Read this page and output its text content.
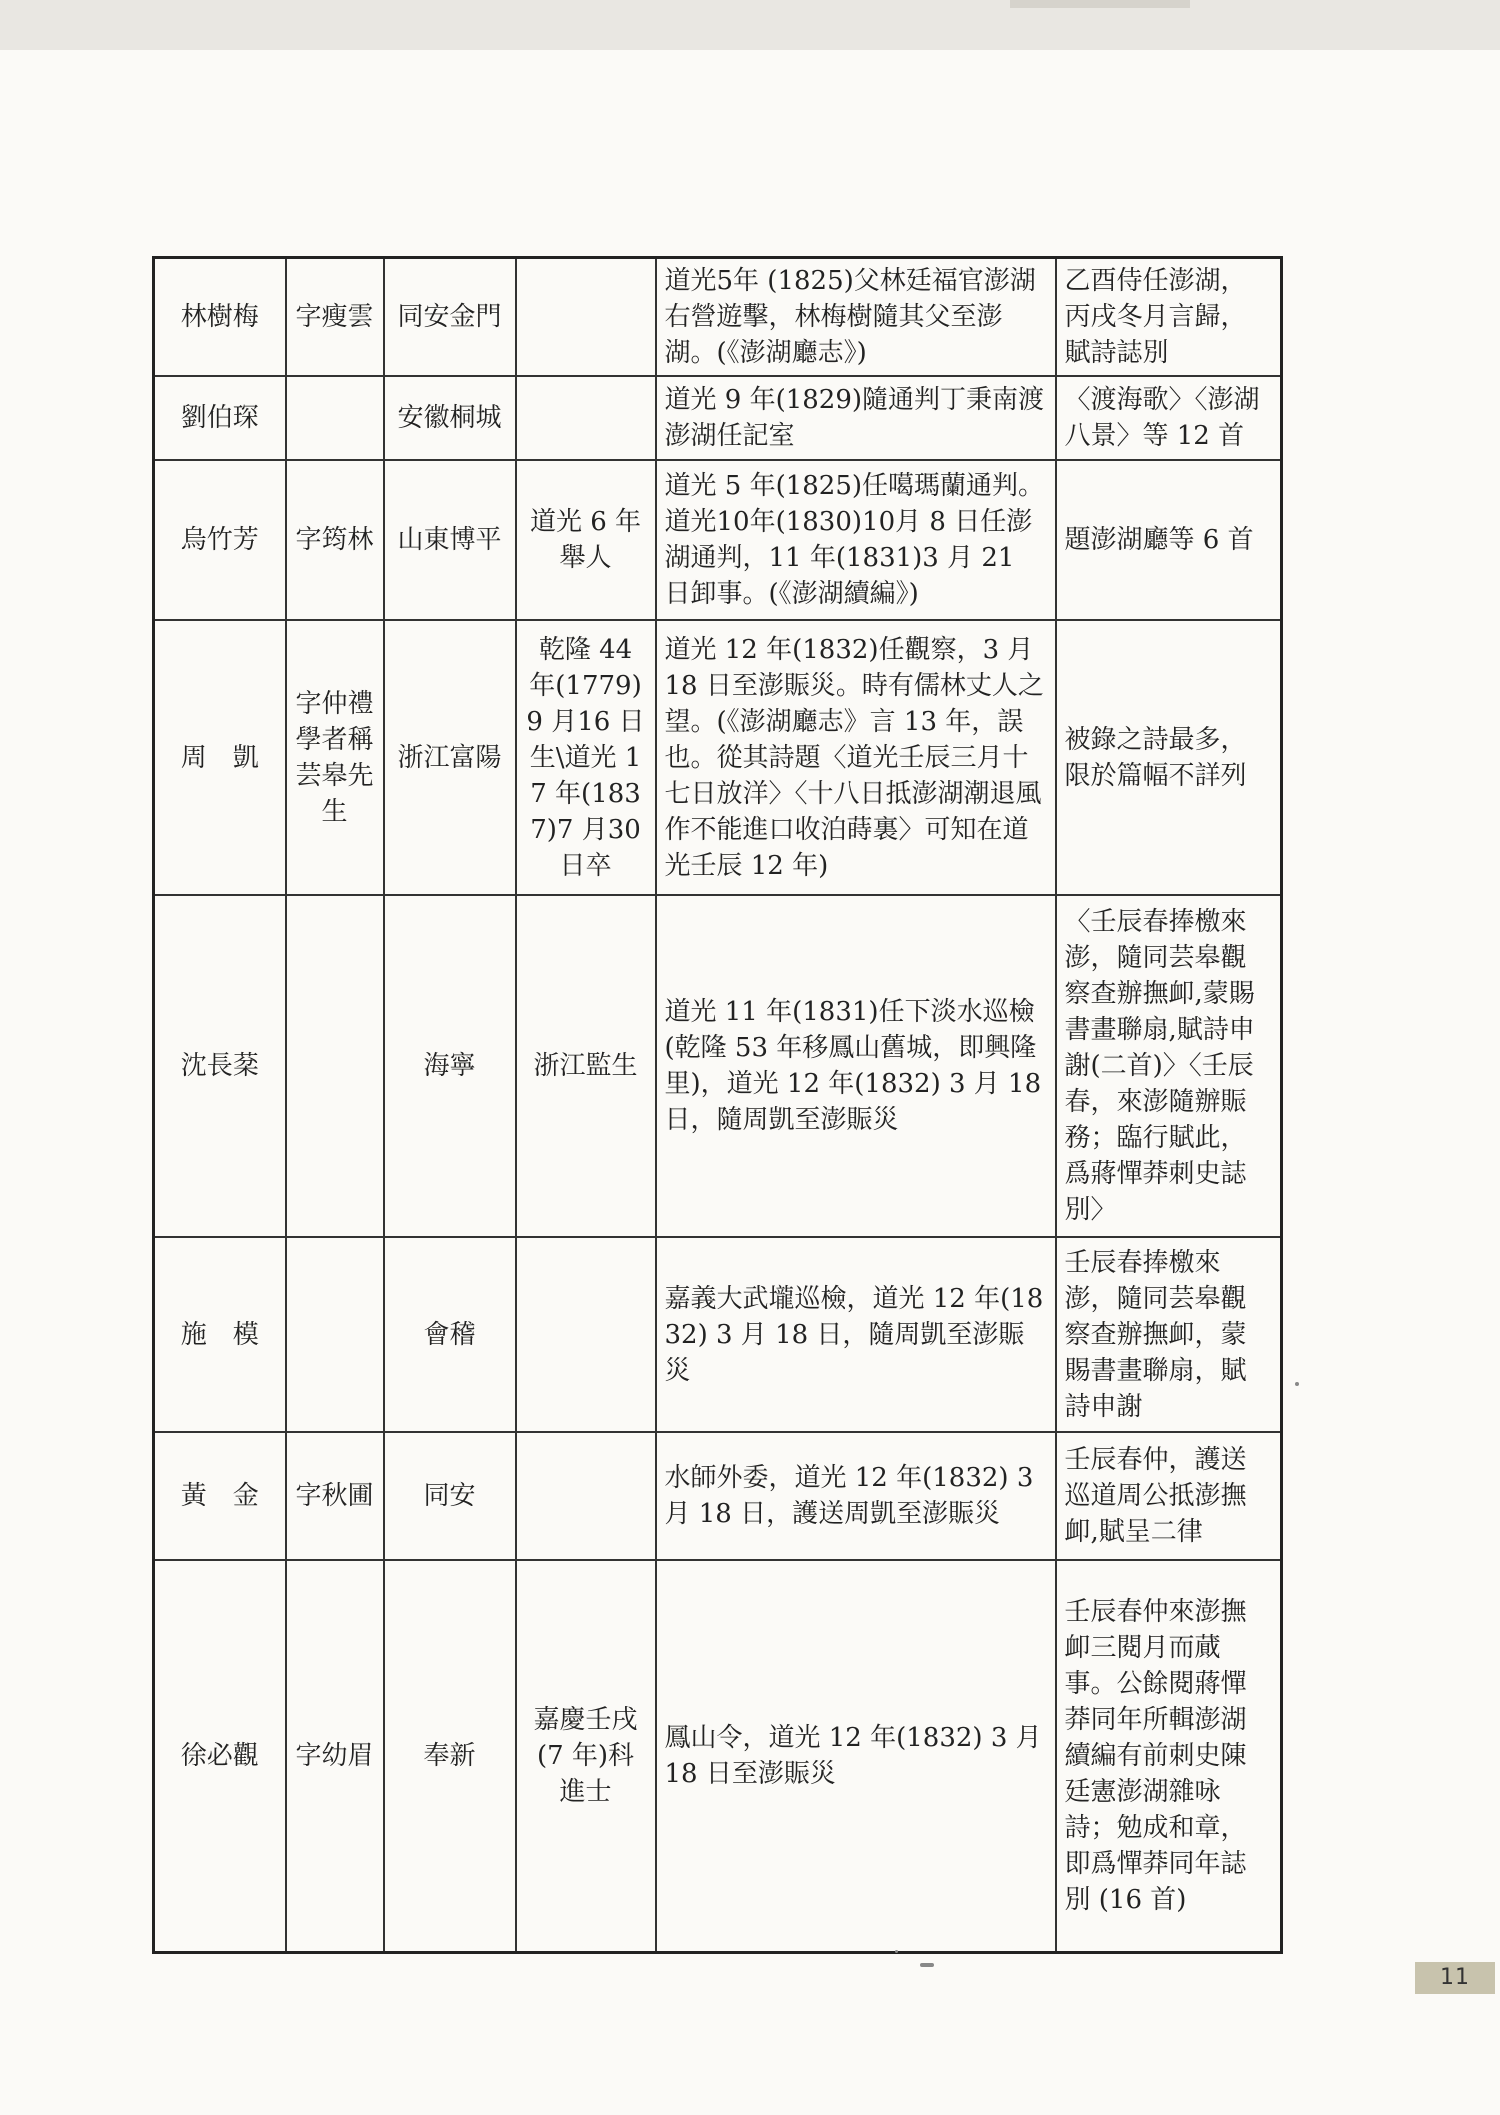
林樹梅	字瘦雲	同安金門		道光5年 (1825)父林廷福官澎湖右營遊擊，林梅樹隨其父至澎湖。(《澎湖廳志》)	乙酉侍任澎湖，丙戌冬月言歸，賦詩誌別
劉伯琛		安徽桐城		道光 9 年(1829)隨通判丁秉南渡澎湖任記室	〈渡海歌〉〈澎湖八景〉等 12 首
烏竹芳	字筠林	山東博平	道光 6 年舉人	道光 5 年(1825)任噶瑪蘭通判。道光10年(1830)10月 8 日任澎湖通判，11 年(1831)3 月 21 日卸事。(《澎湖續編》)	題澎湖廳等 6 首
周　凱	字仲禮學者稱芸皋先生	浙江富陽	乾隆 44 年(1779)9 月16 日生\道光 17 年(1837)7 月30 日卒	道光 12 年(1832)任觀察，3 月 18 日至澎賑災。時有儒林丈人之望。(《澎湖廳志》言 13 年，誤也。從其詩題〈道光壬辰三月十七日放洋〉〈十八日抵澎湖潮退風作不能進口收泊蒔裏〉可知在道光壬辰 12 年)	被錄之詩最多，限於篇幅不詳列
沈長棻		海寧	浙江監生	道光 11 年(1831)任下淡水巡檢(乾隆 53 年移鳳山舊城，即興隆里)，道光 12 年(1832) 3 月 18 日，隨周凱至澎賑災	〈壬辰春捧檄來澎，隨同芸皋觀察查辦撫卹,蒙賜書畫聯扇,賦詩申謝(二首)〉〈壬辰春，來澎隨辦賑務；臨行賦此，爲蔣憚莽刺史誌別〉
施　模		會稽		嘉義大武壠巡檢，道光 12 年(1832) 3 月 18 日，隨周凱至澎賑災	壬辰春捧檄來澎，隨同芸皋觀察查辦撫卹，蒙賜書畫聯扇，賦詩申謝
黃　金	字秋圃	同安		水師外委，道光 12 年(1832) 3 月 18 日，護送周凱至澎賑災	壬辰春仲，護送巡道周公抵澎撫卹,賦呈二律
徐必觀	字幼眉	奉新	嘉慶壬戌(7 年)科進士	鳳山令，道光 12 年(1832) 3 月 18 日至澎賑災	壬辰春仲來澎撫卹三閱月而蕆事。公餘閱蔣憚莽同年所輯澎湖續編有前刺史陳廷憲澎湖雜咏詩；勉成和章，即爲憚莽同年誌別 (16 首)
11
